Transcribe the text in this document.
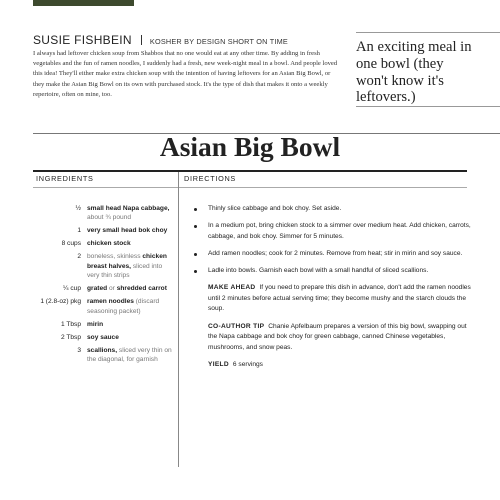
SUSIE FISHBEIN KOSHER BY DESIGN SHORT ON TIME

I always had leftover chicken soup from Shabbos that no one would eat at any other time. By adding in fresh vegetables and the fun of ramen noodles, I suddenly had a fresh, new week-night meal in a bowl. And people loved this idea! They'll either make extra chicken soup with the intention of having leftovers for an Asian Big Bowl, or they make the Asian Big Bowl on its own with purchased stock. It's the type of dish that makes it onto a weekly repertoire, often on mine, too.

An exciting meal in one bowl (they won't know it's leftovers.)

Asian Big Bowl
INGREDIENTS	DIRECTIONS
½ small head Napa cabbage, about ¾ pound
1 very small head bok choy
8 cups chicken stock
2 boneless, skinless chicken breast halves, sliced into very thin strips
¼ cup grated or shredded carrot
1 (2.8-oz) pkg ramen noodles (discard seasoning packet)
1 Tbsp mirin
2 Tbsp soy sauce
3 scallions, sliced very thin on the diagonal, for garnish
Thinly slice cabbage and bok choy. Set aside.
In a medium pot, bring chicken stock to a simmer over medium heat. Add chicken, carrots, cabbage, and bok choy. Simmer for 5 minutes.
Add ramen noodles; cook for 2 minutes. Remove from heat; stir in mirin and soy sauce.
Ladle into bowls. Garnish each bowl with a small handful of sliced scallions.
MAKE AHEAD If you need to prepare this dish in advance, don't add the ramen noodles until 2 minutes before actual serving time; they become mushy and the starch clouds the soup.
CO-AUTHOR TIP Chanie Apfelbaum prepares a version of this big bowl, swapping out the Napa cabbage and bok choy for green cabbage, canned Chinese vegetables, mushrooms, and snow peas.
YIELD 6 servings
